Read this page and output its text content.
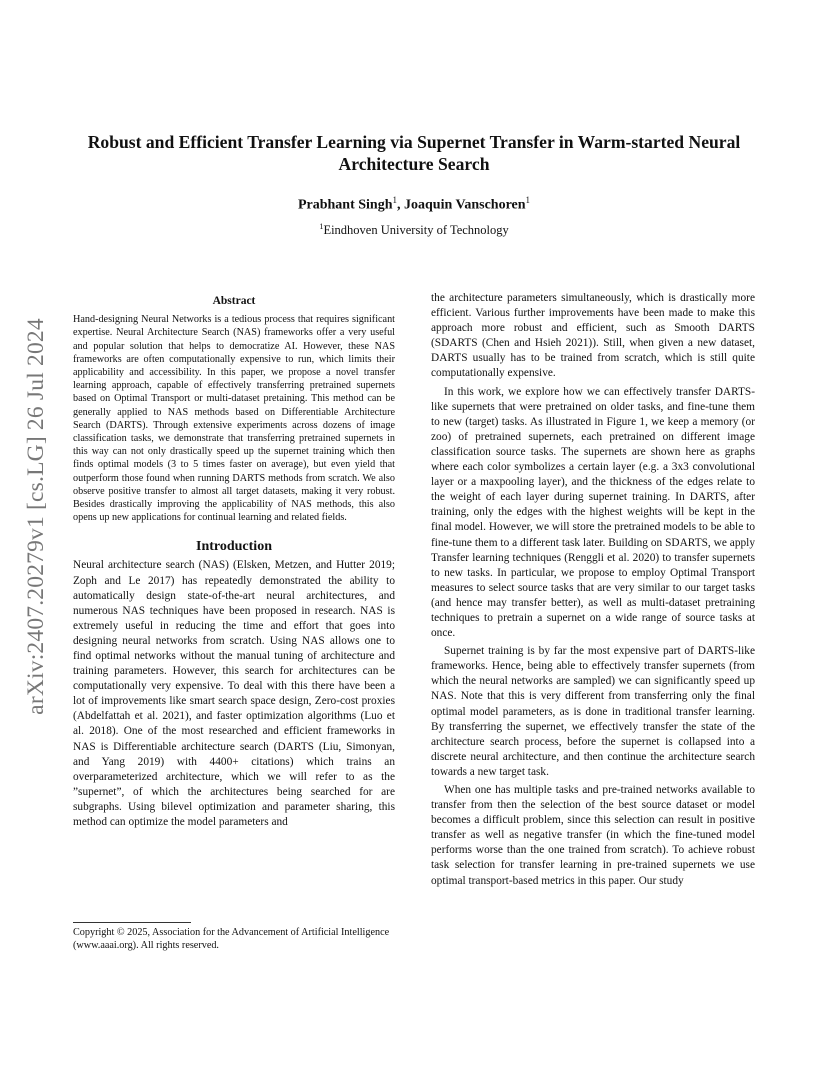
arXiv:2407.20279v1 [cs.LG] 26 Jul 2024
Robust and Efficient Transfer Learning via Supernet Transfer in Warm-started Neural Architecture Search
Prabhant Singh$^1$, Joaquin Vanschoren$^1$
$^1$Eindhoven University of Technology
Abstract

Hand-designing Neural Networks is a tedious process that requires significant expertise. Neural Architecture Search (NAS) frameworks offer a very useful and popular solution that helps to democratize AI. However, these NAS frameworks are often computationally expensive to run, which limits their applicability and accessibility. In this paper, we propose a novel transfer learning approach, capable of effectively transferring pretrained supernets based on Optimal Transport or multi-dataset pretaining. This method can be generally applied to NAS methods based on Differentiable Architecture Search (DARTS). Through extensive experiments across dozens of image classification tasks, we demonstrate that transferring pretrained supernets in this way can not only drastically speed up the supernet training which then finds optimal models (3 to 5 times faster on average), but even yield that outperform those found when running DARTS methods from scratch. We also observe positive transfer to almost all target datasets, making it very robust. Besides drastically improving the applicability of NAS methods, this also opens up new applications for continual learning and related fields.

Introduction

Neural architecture search (NAS) (Elsken, Metzen, and Hutter 2019; Zoph and Le 2017) has repeatedly demonstrated the ability to automatically design state-of-the-art neural architectures, and numerous NAS techniques have been proposed in research. NAS is extremely useful in reducing the time and effort that goes into designing neural networks from scratch. Using NAS allows one to find optimal networks without the manual tuning of architecture and training parameters. However, this search for architectures can be computationally very expensive. To deal with this there have been a lot of improvements like smart search space design, Zero-cost proxies (Abdelfattah et al. 2021), and faster optimization algorithms (Luo et al. 2018). One of the most researched and efficient frameworks in NAS is Differentiable architecture search (DARTS (Liu, Simonyan, and Yang 2019) with 4400+ citations) which trains an overparameterized architecture, which we will refer to as the ”supernet”, of which the architectures being searched for are subgraphs. Using bilevel optimization and parameter sharing, this method can optimize the model parameters and

Copyright © 2025, Association for the Advancement of Artificial Intelligence (www.aaai.org). All rights reserved.

the architecture parameters simultaneously, which is drastically more efficient. Various further improvements have been made to make this approach more robust and efficient, such as Smooth DARTS (SDARTS (Chen and Hsieh 2021)). Still, when given a new dataset, DARTS usually has to be trained from scratch, which is still quite computationally expensive.

In this work, we explore how we can effectively transfer DARTS-like supernets that were pretrained on older tasks, and fine-tune them to new (target) tasks. As illustrated in Figure 1, we keep a memory (or zoo) of pretrained supernets, each pretrained on different image classification source tasks. The supernets are shown here as graphs where each color symbolizes a certain layer (e.g. a 3x3 convolutional layer or a maxpooling layer), and the thickness of the edges relate to the weight of each layer during supernet training. In DARTS, after training, only the edges with the highest weights will be kept in the final model. However, we will store the pretrained models to be able to fine-tune them to a different task later. Building on SDARTS, we apply Transfer learning techniques (Renggli et al. 2020) to transfer supernets to new tasks. In particular, we propose to employ Optimal Transport measures to select source tasks that are very similar to our target tasks (and hence may transfer better), as well as multi-dataset pretraining techniques to pretrain a supernet on a wide range of source tasks at once.

Supernet training is by far the most expensive part of DARTS-like frameworks. Hence, being able to effectively transfer supernets (from which the neural networks are sampled) we can significantly speed up NAS. Note that this is very different from transferring only the final optimal model parameters, as is done in traditional transfer learning. By transferring the supernet, we effectively transfer the state of the architecture search process, before the supernet is collapsed into a discrete neural architecture, and then continue the architecture search towards a new target task.

When one has multiple tasks and pre-trained networks available to transfer from then the selection of the best source dataset or model becomes a difficult problem, since this selection can result in positive transfer as well as negative transfer (in which the fine-tuned model performs worse than the one trained from scratch). To achieve robust task selection for transfer learning in pre-trained supernets we use optimal transport-based metrics in this paper. Our study
